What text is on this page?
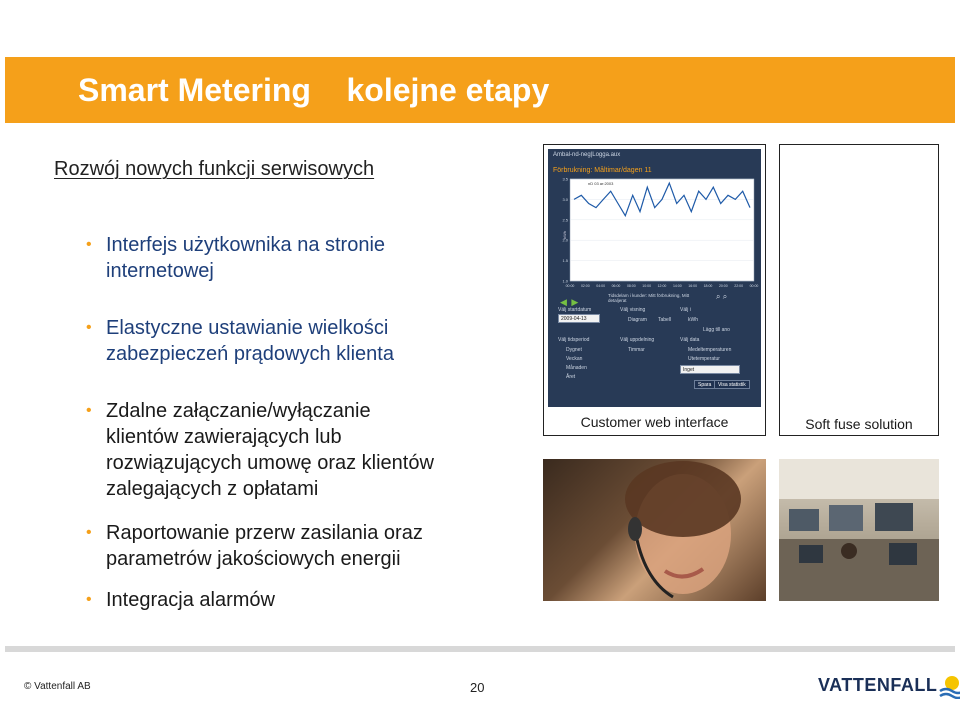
Smart Metering    kolejne etapy
Rozwój nowych funkcji serwisowych
• Interfejs użytkownika na stronie
internetowej
• Elastyczne ustawianie wielkości
zabezpieczeń prądowych klienta
• Zdalne załączanie/wyłączanie
klientów zawierających lub
rozwiązujących umowę oraz klientów
zalegających z opłatami
• Raportowanie przerw zasilania oraz
parametrów jakościowych energii
• Integracja alarmów
Ambal-nd-neg|Logga.aux
Förbrukning: Måltimar/dagen 11
00:00 02:00 04:00 06:00 08:00 10:00 12:00 14:00 16:00 18:00 20:00 22:00 00:00
1.0
1.5
2.0
2.5
3.0
3.5
kWh
nD 03 ar:2003
◀ ▶
Tidsdelam i kunder: Mitt förbrukning, Mitt detaljerat	⌕ ⌕
Välj startdatum
2009-04-13
Välj visning
Diagram Tabell
Välj i
kWh
Lägg till ano
Välj tidsperiod
Dygnet
Veckan
Månaden
Året
Välj uppdelning
Timmar
Välj data
Medeltemperaturen
Utetemperatur
Inget
Spara	Visa statistik
Customer web interface	Soft fuse solution
© Vattenfall AB	20	VATTENFALL
